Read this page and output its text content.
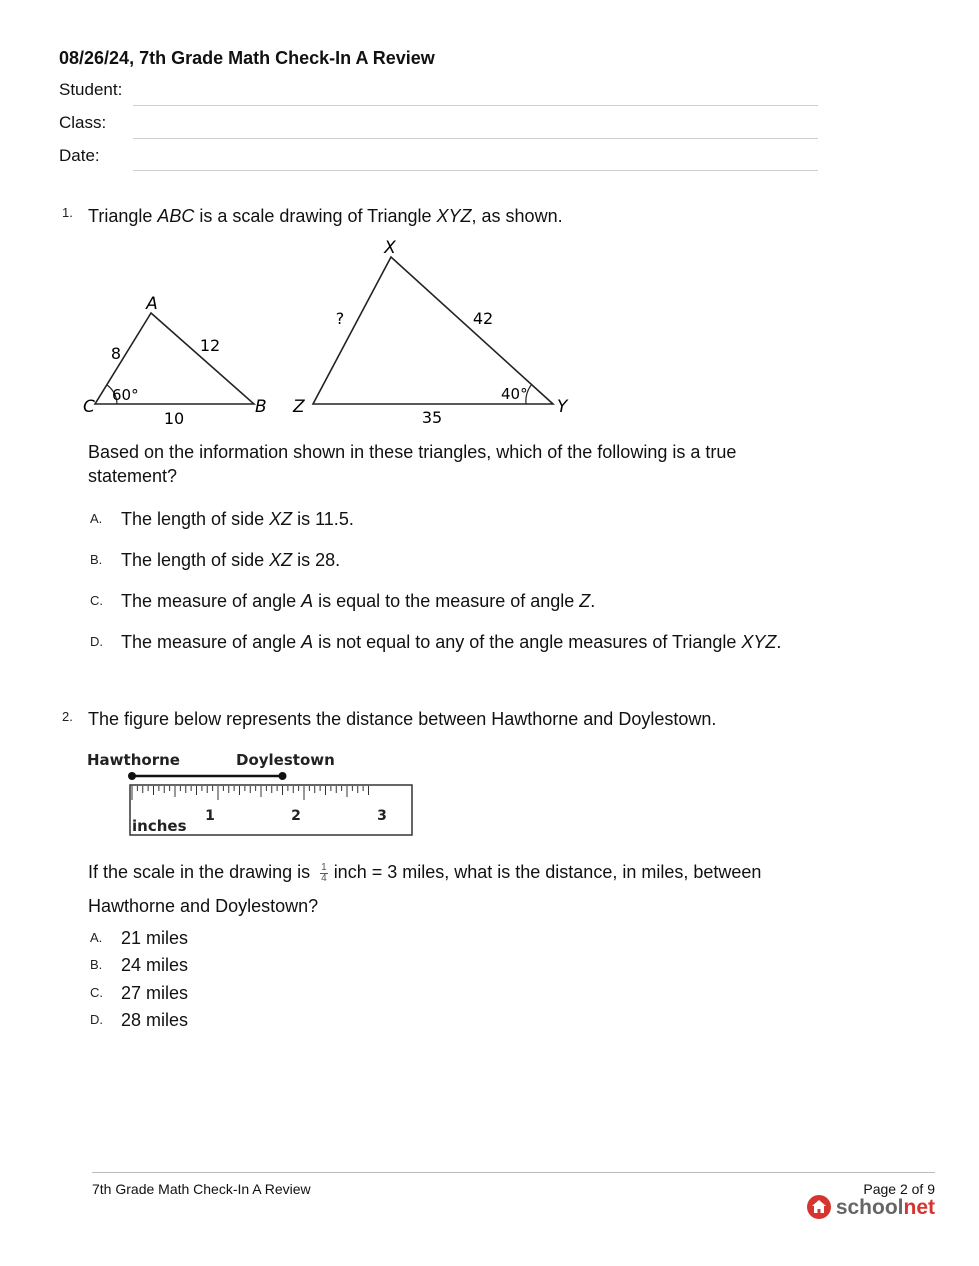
08/26/24, 7th Grade Math Check-In A Review
Student:
Class:
Date:
1. Triangle ABC is a scale drawing of Triangle XYZ, as shown.
A
C	B
8	12
10
60°
X
Z	Y
?	42
35
40°
Based on the information shown in these triangles, which of the following is a true statement?
A. The length of side XZ is 11.5.
B. The length of side XZ is 28.
C. The measure of angle A is equal to the measure of angle Z.
D. The measure of angle A is not equal to any of the angle measures of Triangle XYZ.
2. The figure below represents the distance between Hawthorne and Doylestown.
Hawthorne	Doylestown
inches
1	2	3
If the scale in the drawing is $\frac{1}{4}$ inch = 3 miles, what is the distance, in miles, between
Hawthorne and Doylestown?
A. 21 miles
B. 24 miles
C. 27 miles
D. 28 miles
7th Grade Math Check-In A Review	Page 2 of 9
schoolnet
